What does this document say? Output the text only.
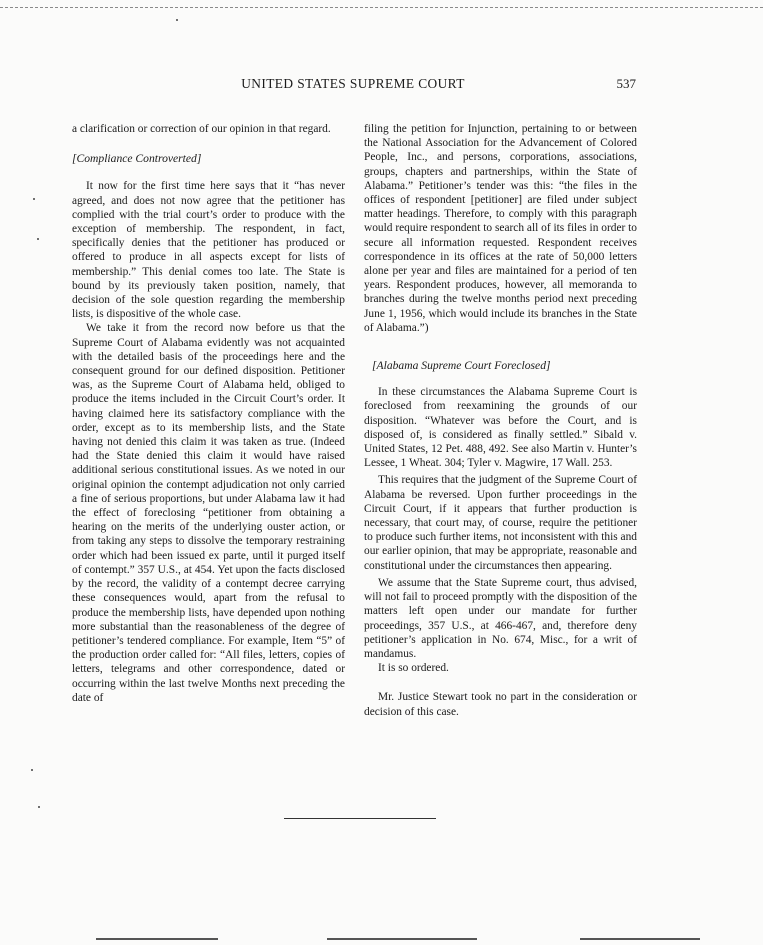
UNITED STATES SUPREME COURT	537

a clarification or correction of our opinion in that regard.

[Compliance Controverted]

It now for the first time here says that it “has never agreed, and does not now agree that the petitioner has complied with the trial court’s order to produce with the exception of membership. The respondent, in fact, specifically denies that the petitioner has produced or offered to produce in all aspects except for lists of membership.” This denial comes too late. The State is bound by its previously taken position, namely, that decision of the sole question regarding the membership lists, is dispositive of the whole case.

We take it from the record now before us that the Supreme Court of Alabama evidently was not acquainted with the detailed basis of the proceedings here and the consequent ground for our defined disposition. Petitioner was, as the Supreme Court of Alabama held, obliged to produce the items included in the Circuit Court’s order. It having claimed here its satisfactory compliance with the order, except as to its membership lists, and the State having not denied this claim it was taken as true. (Indeed had the State denied this claim it would have raised additional serious constitutional issues. As we noted in our original opinion the contempt adjudication not only carried a fine of serious proportions, but under Alabama law it had the effect of foreclosing “petitioner from obtaining a hearing on the merits of the underlying ouster action, or from taking any steps to dissolve the temporary restraining order which had been issued ex parte, until it purged itself of contempt.” 357 U.S., at 454. Yet upon the facts disclosed by the record, the validity of a contempt decree carrying these consequences would, apart from the refusal to produce the membership lists, have depended upon nothing more substantial than the reasonableness of the degree of petitioner’s tendered compliance. For example, Item “5” of the production order called for: “All files, letters, copies of letters, telegrams and other correspondence, dated or occurring within the last twelve Months next preceding the date of

filing the petition for Injunction, pertaining to or between the National Association for the Advancement of Colored People, Inc., and persons, corporations, associations, groups, chapters and partnerships, within the State of Alabama.” Petitioner’s tender was this: “the files in the offices of respondent [petitioner] are filed under subject matter headings. Therefore, to comply with this paragraph would require respondent to search all of its files in order to secure all information requested. Respondent receives correspondence in its offices at the rate of 50,000 letters alone per year and files are maintained for a period of ten years. Respondent produces, however, all memoranda to branches during the twelve months period next preceding June 1, 1956, which would include its branches in the State of Alabama.”)

[Alabama Supreme Court Foreclosed]

In these circumstances the Alabama Supreme Court is foreclosed from reexamining the grounds of our disposition. “Whatever was before the Court, and is disposed of, is considered as finally settled.” Sibald v. United States, 12 Pet. 488, 492. See also Martin v. Hunter’s Lessee, 1 Wheat. 304; Tyler v. Magwire, 17 Wall. 253.

This requires that the judgment of the Supreme Court of Alabama be reversed. Upon further proceedings in the Circuit Court, if it appears that further production is necessary, that court may, of course, require the petitioner to produce such further items, not inconsistent with this and our earlier opinion, that may be appropriate, reasonable and constitutional under the circumstances then appearing.

We assume that the State Supreme court, thus advised, will not fail to proceed promptly with the disposition of the matters left open under our mandate for further proceedings, 357 U.S., at 466-467, and, therefore deny petitioner’s application in No. 674, Misc., for a writ of mandamus.

It is so ordered.

Mr. Justice Stewart took no part in the consideration or decision of this case.
